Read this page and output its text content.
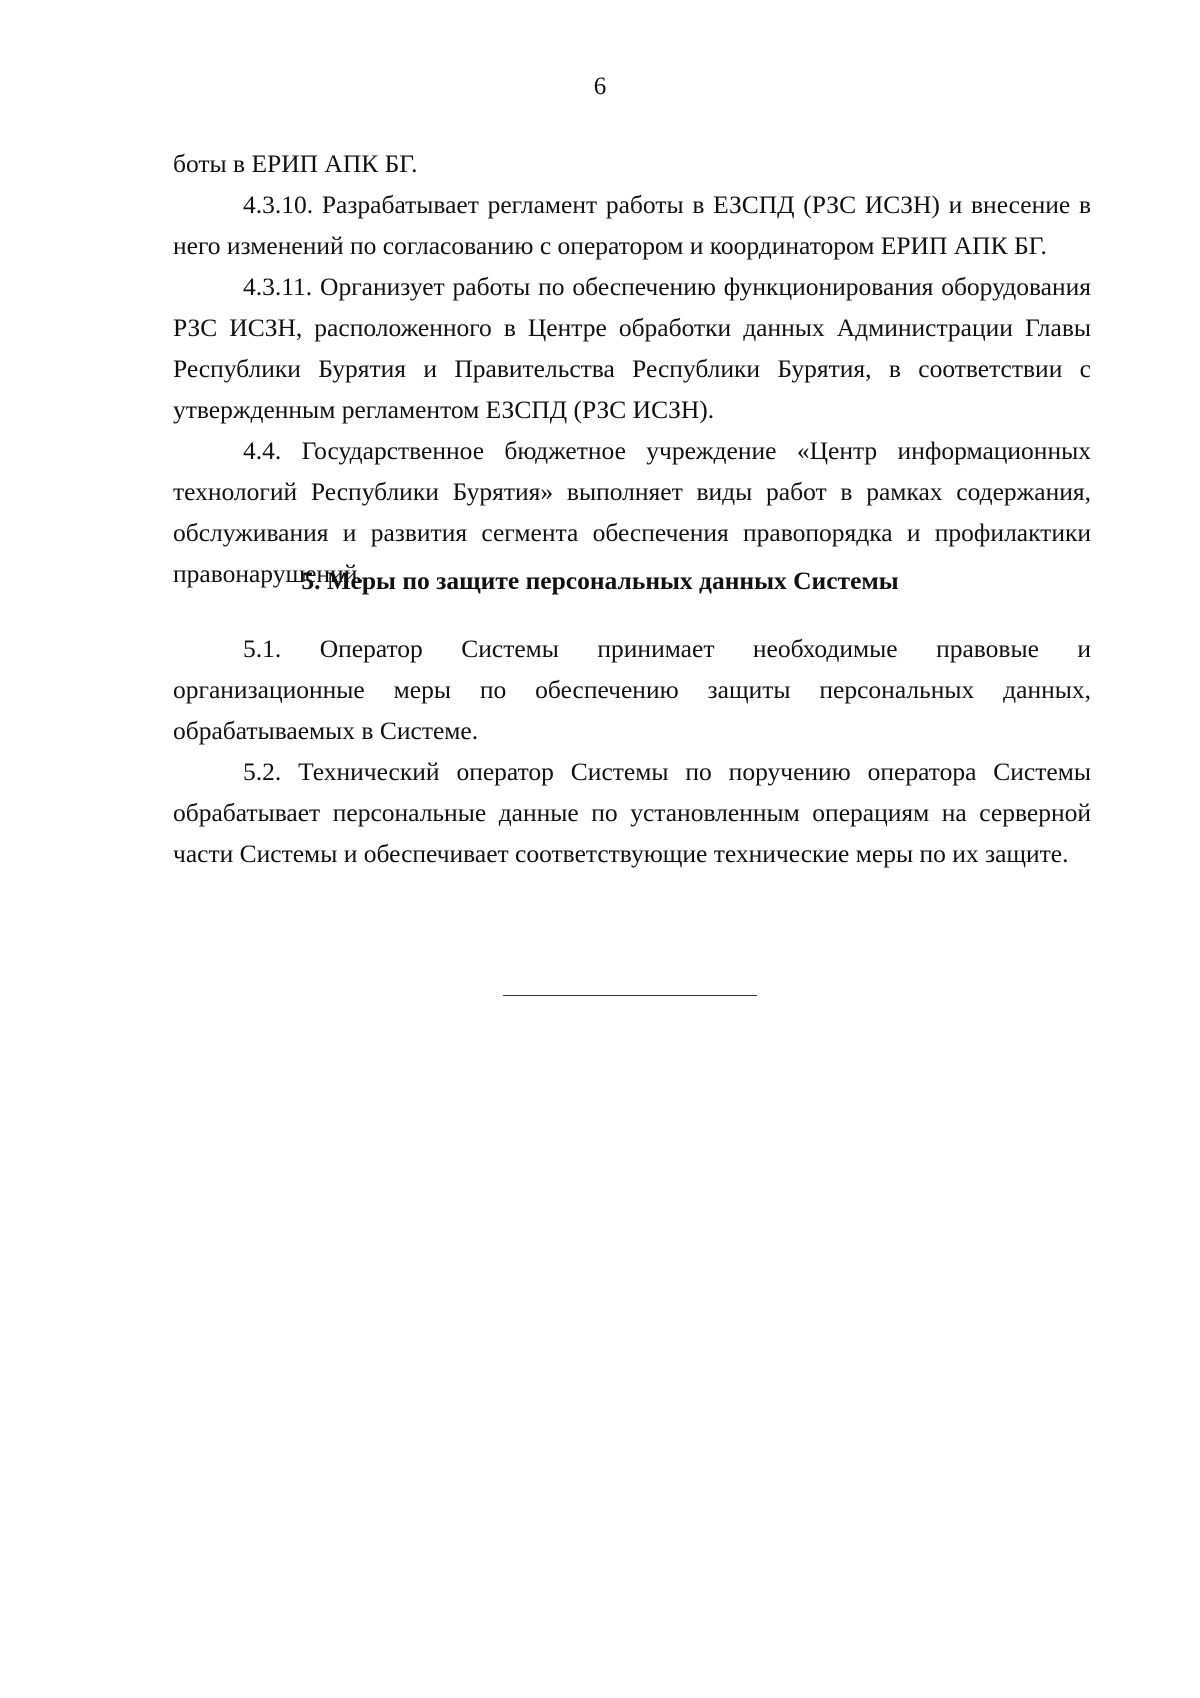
6

боты в ЕРИП АПК БГ.

4.3.10. Разрабатывает регламент работы в ЕЗСПД (РЗС ИСЗН) и внесение в него изменений по согласованию с оператором и координатором ЕРИП АПК БГ.

4.3.11. Организует работы по обеспечению функционирования оборудования РЗС ИСЗН, расположенного в Центре обработки данных Администрации Главы Республики Бурятия и Правительства Республики Бурятия, в соответствии с утвержденным регламентом ЕЗСПД (РЗС ИСЗН).

4.4. Государственное бюджетное учреждение «Центр информационных технологий Республики Бурятия» выполняет виды работ в рамках содержания, обслуживания и развития сегмента обеспечения правопорядка и профилактики правонарушений.

5. Меры по защите персональных данных Системы

5.1. Оператор Системы принимает необходимые правовые и организационные меры по обеспечению защиты персональных данных, обрабатываемых в Системе.

5.2. Технический оператор Системы по поручению оператора Системы обрабатывает персональные данные по установленным операциям на серверной части Системы и обеспечивает соответствующие технические меры по их защите.
